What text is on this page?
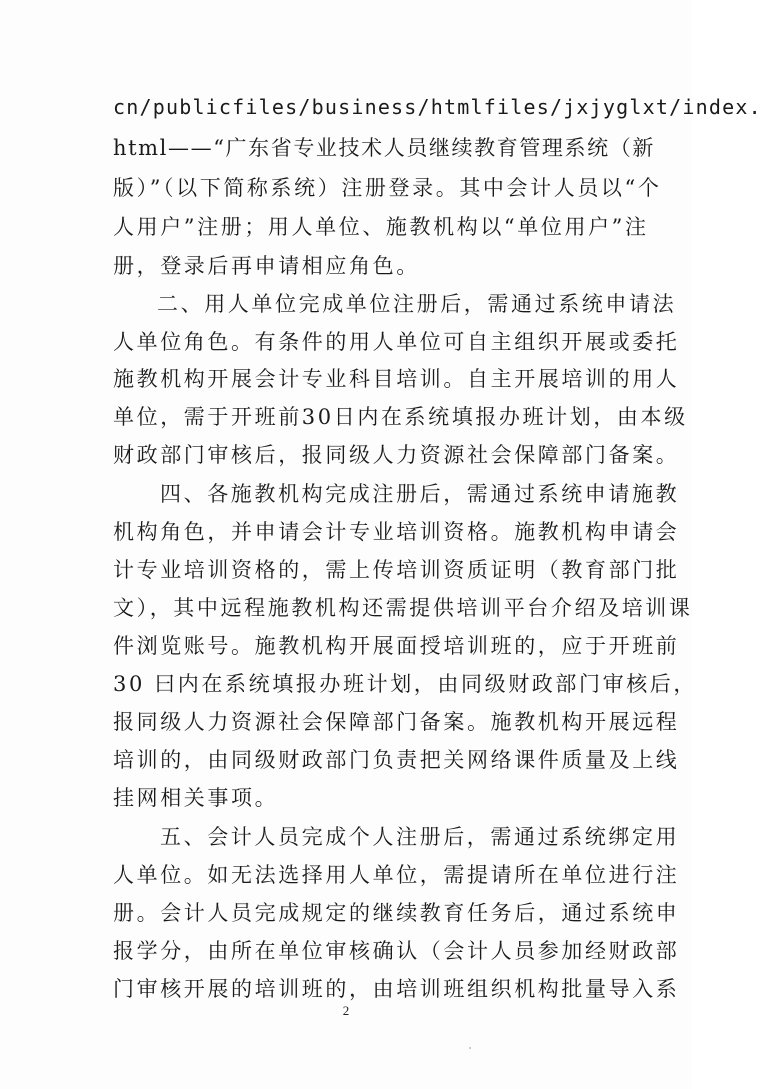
cn/publicfiles/business/htmlfiles/jxjyglxt/index.
html——“广东省专业技术人员继续教育管理系统（新
版）”（以下简称系统）注册登录。其中会计人员以“个
人用户”注册；用人单位、施教机构以“单位用户”注
册，登录后再申请相应角色。
二、用人单位完成单位注册后，需通过系统申请法
人单位角色。有条件的用人单位可自主组织开展或委托
施教机构开展会计专业科目培训。自主开展培训的用人
单位，需于开班前30日内在系统填报办班计划，由本级
财政部门审核后，报同级人力资源社会保障部门备案。
四、各施教机构完成注册后，需通过系统申请施教
机构角色，并申请会计专业培训资格。施教机构申请会
计专业培训资格的，需上传培训资质证明（教育部门批
文），其中远程施教机构还需提供培训平台介绍及培训课
件浏览账号。施教机构开展面授培训班的，应于开班前
30 曰内在系统填报办班计划，由同级财政部门审核后，
报同级人力资源社会保障部门备案。施教机构开展远程
培训的，由同级财政部门负责把关网络课件质量及上线
挂网相关事项。
五、会计人员完成个人注册后，需通过系统绑定用
人单位。如无法选择用人单位，需提请所在单位进行注
册。会计人员完成规定的继续教育任务后，通过系统申
报学分，由所在单位审核确认（会计人员参加经财政部
门审核开展的培训班的，由培训班组织机构批量导入系
2
